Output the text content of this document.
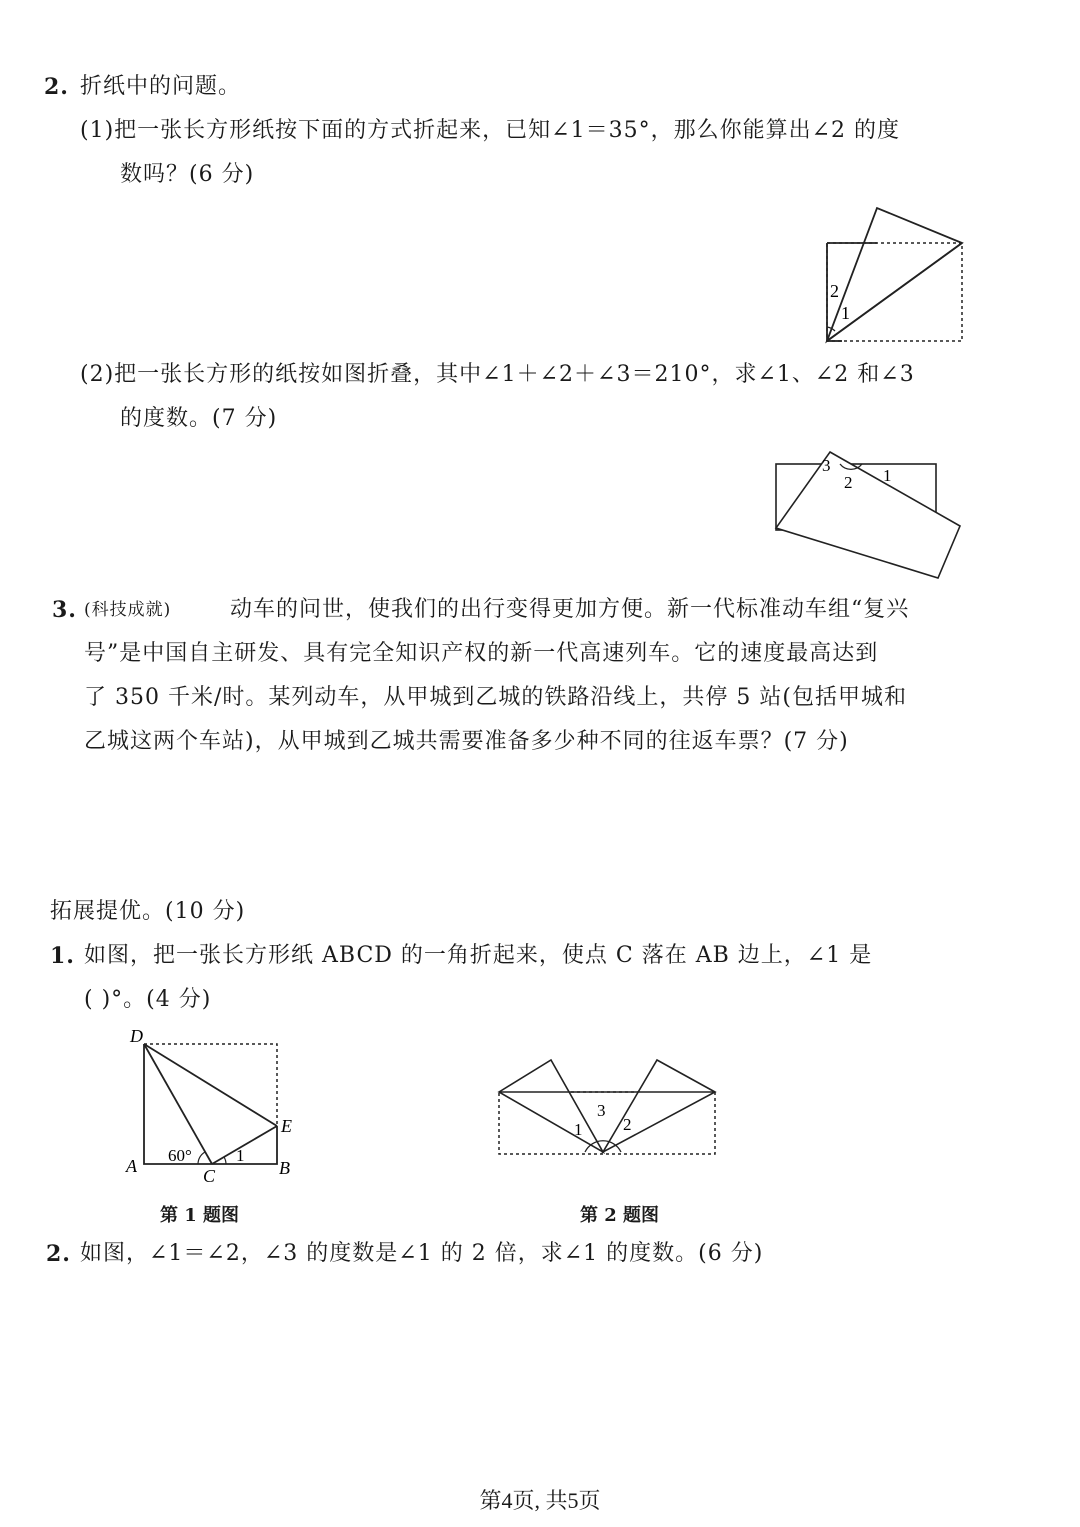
2. 折纸中的问题。
(1)把一张长方形纸按下面的方式折起来，已知∠1＝35°，那么你能算出∠2 的度
数吗？(6 分)
2
1
(2)把一张长方形的纸按如图折叠，其中∠1＋∠2＋∠3＝210°，求∠1、∠2 和∠3
的度数。(7 分)
3
2 1
3. (科技成就)	动车的问世，使我们的出行变得更加方便。新一代标准动车组“复兴
号”是中国自主研发、具有完全知识产权的新一代高速列车。它的速度最高达到
了 350 千米/时。某列动车，从甲城到乙城的铁路沿线上，共停 5 站(包括甲城和
乙城这两个车站)，从甲城到乙城共需要准备多少种不同的往返车票？(7 分)
拓展提优。(10 分)
1. 如图，把一张长方形纸 ABCD 的一角折起来，使点 C 落在 AB 边上，∠1 是
( )°。(4 分)
D
E
A	C	B
60°	1
第 1 题图
1
3
2
第 2 题图
2. 如图，∠1＝∠2，∠3 的度数是∠1 的 2 倍，求∠1 的度数。(6 分)
第4页, 共5页
